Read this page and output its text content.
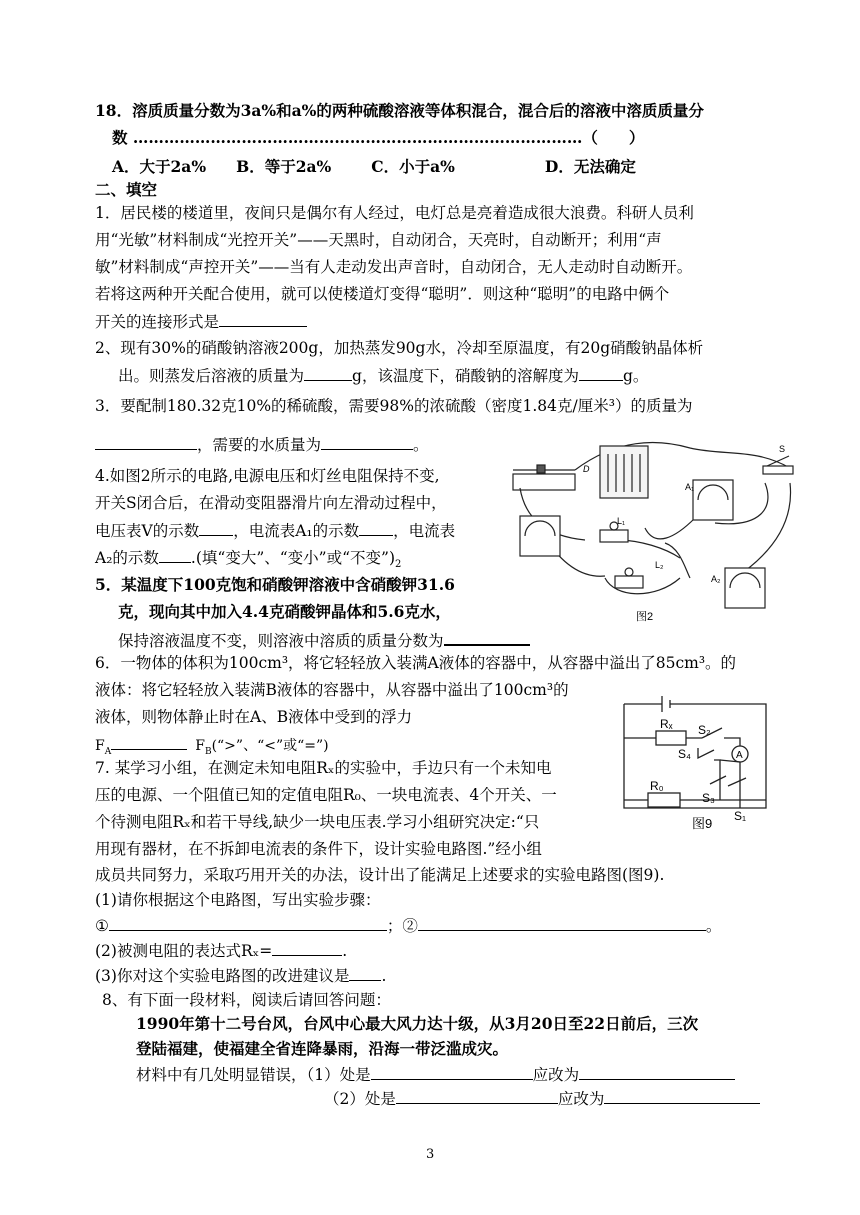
18．溶质质量分数为3a%和a%的两种硫酸溶液等体积混合，混合后的溶液中溶质质量分
数 ……………………………………………………………………………（　　）
A．大于2a% B．等于2a%	C．小于a%	D．无法确定
二、填空
1．居民楼的楼道里，夜间只是偶尔有人经过，电灯总是亮着造成很大浪费。科研人员利
用“光敏”材料制成“光控开关”——天黑时，自动闭合，天亮时，自动断开；利用“声
敏”材料制成“声控开关”——当有人走动发出声音时，自动闭合，无人走动时自动断开。
若将这两种开关配合使用，就可以使楼道灯变得“聪明”．则这种“聪明”的电路中俩个
开关的连接形式是
2、现有30%的硝酸钠溶液200g，加热蒸发90g水，冷却至原温度，有20g硝酸钠晶体析
出。则蒸发后溶液的质量为	g，该温度下，硝酸钠的溶解度为	g。
3．要配制180.32克10%的稀硫酸，需要98%的浓硫酸（密度1.84克/厘米³）的质量为
，需要的水质量为	。
4.如图2所示的电路,电源电压和灯丝电阻保持不变,
开关S闭合后，在滑动变阻器滑片向左滑动过程中，
电压表V的示数 ，电流表A₁的示数 ，电流表
A₂的示数 .(填“变大”、“变小”或“不变$”)_2$
5．某温度下100克饱和硝酸钾溶液中含硝酸钾31.6
克，现向其中加入4.4克硝酸钾晶体和5.6克水，
保持溶液温度不变，则溶液中溶质的质量分数为
S
D
A₁
A₂
L₁
L₂
图2
6．一物体的体积为100cm³，将它轻轻放入装满A液体的容器中，从容器中溢出了85cm³。的
液体：将它轻轻放入装满B液体的容器中，从容器中溢出了100cm³的
液体，则物体静止时在A、B液体中受到的浮力
$F_A$	$F_B(“>$”、“<”或“=”)
Rₓ
R₀
S₂
S₄
S₃
S₁
A
图9
7. 某学习小组，在测定未知电阻Rₓ的实验中，手边只有一个未知电
压的电源、一个阻值已知的定值电阻R₀、一块电流表、4个开关、一
个待测电阻Rₓ和若干导线,缺少一块电压表.学习小组研究决定:“只
用现有器材，在不拆卸电流表的条件下，设计实验电路图.”经小组
成员共同努力，采取巧用开关的办法，设计出了能满足上述要求的实验电路图(图9).
(1)请你根据这个电路图，写出实验步骤：
①	；②	。
(2)被测电阻的表达式Rₓ=	.
(3)你对这个实验电路图的改进建议是 .
8、有下面一段材料，阅读后请回答问题：
1990年第十二号台风，台风中心最大风力达十级，从3月20日至22日前后，三次
登陆福建，使福建全省连降暴雨，沿海一带泛滥成灾。
材料中有几处明显错误，（1）处是	应改为
（2）处是	应改为
3
